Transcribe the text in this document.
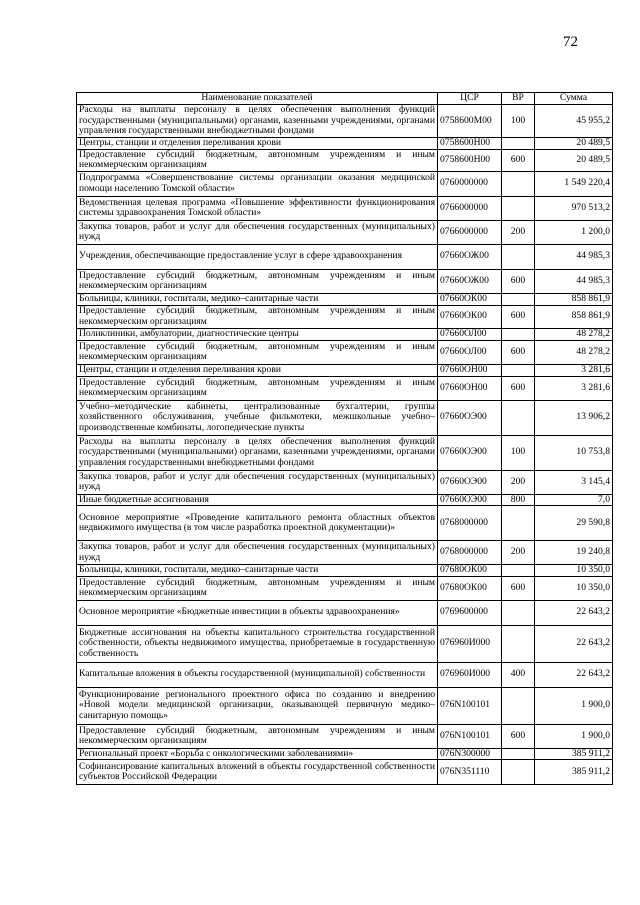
72
Наименование показателей	ЦСР	ВР	Сумма
Расходы на выплаты персоналу в целях обеспечения выполнения функций государственными (муниципальными) органами, казенными учреждениями, органами управления государственными внебюджетными фондами	0758600М00	100	45 955,2
Центры, станции и отделения переливания крови	0758600Н00		20 489,5
Предоставление субсидий бюджетным, автономным учреждениям и иным некоммерческим организациям	0758600Н00	600	20 489,5
Подпрограмма «Совершенствование системы организации оказания медицинской помощи населению Томской области»	0760000000		1 549 220,4
Ведомственная целевая программа «Повышение эффективности функционирования системы здравоохранения Томской области»	0766000000		970 513,2
Закупка товаров, работ и услуг для обеспечения государственных (муниципальных) нужд	0766000000	200	1 200,0
Учреждения, обеспечивающие предоставление услуг в сфере здравоохранения	07660ОЖ00		44 985,3
Предоставление субсидий бюджетным, автономным учреждениям и иным некоммерческим организациям	07660ОЖ00	600	44 985,3
Больницы, клиники, госпитали, медико–санитарные части	07660ОК00		858 861,9
Предоставление субсидий бюджетным, автономным учреждениям и иным некоммерческим организациям	07660ОК00	600	858 861,9
Поликлиники, амбулатории, диагностические центры	07660ОЛ00		48 278,2
Предоставление субсидий бюджетным, автономным учреждениям и иным некоммерческим организациям	07660ОЛ00	600	48 278,2
Центры, станции и отделения переливания крови	07660ОН00		3 281,6
Предоставление субсидий бюджетным, автономным учреждениям и иным некоммерческим организациям	07660ОН00	600	3 281,6
Учебно–методические кабинеты, централизованные бухгалтерии, группы хозяйственного обслуживания, учебные фильмотеки, межшкольные учебно–производственные комбинаты, логопедические пункты	07660ОЭ00		13 906,2
Расходы на выплаты персоналу в целях обеспечения выполнения функций государственными (муниципальными) органами, казенными учреждениями, органами управления государственными внебюджетными фондами	07660ОЭ00	100	10 753,8
Закупка товаров, работ и услуг для обеспечения государственных (муниципальных) нужд	07660ОЭ00	200	3 145,4
Иные бюджетные ассигнования	07660ОЭ00	800	7,0
Основное мероприятие «Проведение капитального ремонта областных объектов недвижимого имущества (в том числе разработка проектной документации)»	0768000000		29 590,8
Закупка товаров, работ и услуг для обеспечения государственных (муниципальных) нужд	0768000000	200	19 240,8
Больницы, клиники, госпитали, медико–санитарные части	07680ОК00		10 350,0
Предоставление субсидий бюджетным, автономным учреждениям и иным некоммерческим организациям	07680ОК00	600	10 350,0
Основное мероприятие «Бюджетные инвестиции в объекты здравоохранения»	0769600000		22 643,2
Бюджетные ассигнования на объекты капитального строительства государственной собственности, объекты недвижимого имущества, приобретаемые в государственную собственность	076960И000		22 643,2
Капитальные вложения в объекты государственной (муниципальной) собственности	076960И000	400	22 643,2
Функционирование регионального проектного офиса по созданию и внедрению «Новой модели медицинской организации, оказывающей первичную медико–санитарную помощь»	076N100101		1 900,0
Предоставление субсидий бюджетным, автономным учреждениям и иным некоммерческим организациям	076N100101	600	1 900,0
Региональный проект «Борьба с онкологическими заболеваниями»	076N300000		385 911,2
Софинансирование капитальных вложений в объекты государственной собственности субъектов Российской Федерации	076N351110		385 911,2
